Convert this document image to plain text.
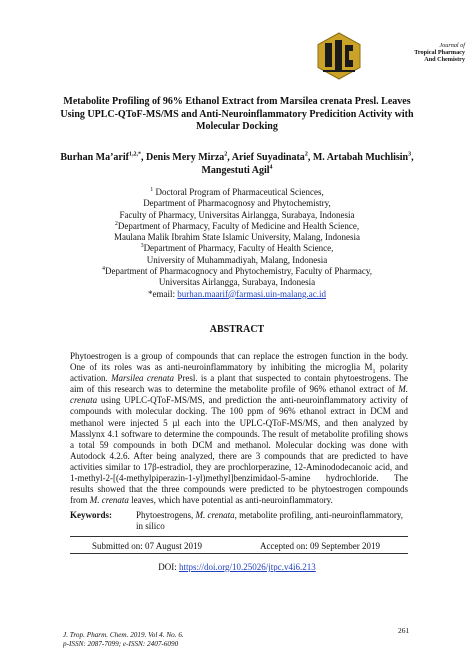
Journal of
Tropical Pharmacy
And Chemistry
Metabolite Profiling of 96% Ethanol Extract from Marsilea crenata Presl. Leaves
Using UPLC-QToF-MS/MS and Anti-Neuroinflammatory Predicition Activity with
Molecular Docking
Burhan Ma’arif$^{1,2,*}$, Denis Mery Mirza$^2$, Arief Suyadinata$^2$, M. Artabah Muchlisin$^3$,
Mangestuti Agil$^4$
$^1$ Doctoral Program of Pharmaceutical Sciences,
Department of Pharmacognosy and Phytochemistry,
Faculty of Pharmacy, Universitas Airlangga, Surabaya, Indonesia
$^2$Department of Pharmacy, Faculty of Medicine and Health Science,
Maulana Malik Ibrahim State Islamic University, Malang, Indonesia
$^3$Department of Pharmacy, Faculty of Health Science,
University of Muhammadiyah, Malang, Indonesia
$^4$Department of Pharmacognocy and Phytochemistry, Faculty of Pharmacy,
Universitas Airlangga, Surabaya, Indonesia
*email: burhan.maarif@farmasi.uin-malang.ac.id
ABSTRACT
Phytoestrogen is a group of compounds that can replace the estrogen function in the body.
One of its roles was as anti-neuroinflammatory by inhibiting the microglia $M_1$ polarity
activation. Marsilea crenata Presl. is a plant that suspected to contain phytoestrogens. The
aim of this research was to determine the metabolite profile of 96% ethanol extract of M.
crenata using UPLC-QToF-MS/MS, and prediction the anti-neuroinflammatory activity of
compounds with molecular docking. The 100 ppm of 96% ethanol extract in DCM and
methanol were injected 5 µl each into the UPLC-QToF-MS/MS, and then analyzed by
Masslynx 4.1 software to determine the compounds. The result of metabolite profiling shows
a total 59 compounds in both DCM and methanol. Molecular docking was done with
Autodock 4.2.6. After being analyzed, there are 3 compounds that are predicted to have
activities similar to 17β-estradiol, they are prochlorperazine, 12-Aminododecanoic acid, and
1-methyl-2-[(4-methylpiperazin-1-yl)methyl]benzimidaol-5-amine     hydrochloride.     The
results showed that the three compounds were predicted to be phytoestrogen compounds
from M. crenata leaves, which have potential as anti-neuroinflammatory.
Keywords:	Phytoestrogens, M. crenata, metabolite profiling, anti-neuroinflammatory, in silico
Submitted on: 07 August 2019	Accepted on: 09 September 2019
DOI: https://doi.org/10.25026/jtpc.v4i6.213
J. Trop. Pharm. Chem. 2019. Vol 4. No. 6.
p-ISSN: 2087-7099; e-ISSN: 2407-6090
261
